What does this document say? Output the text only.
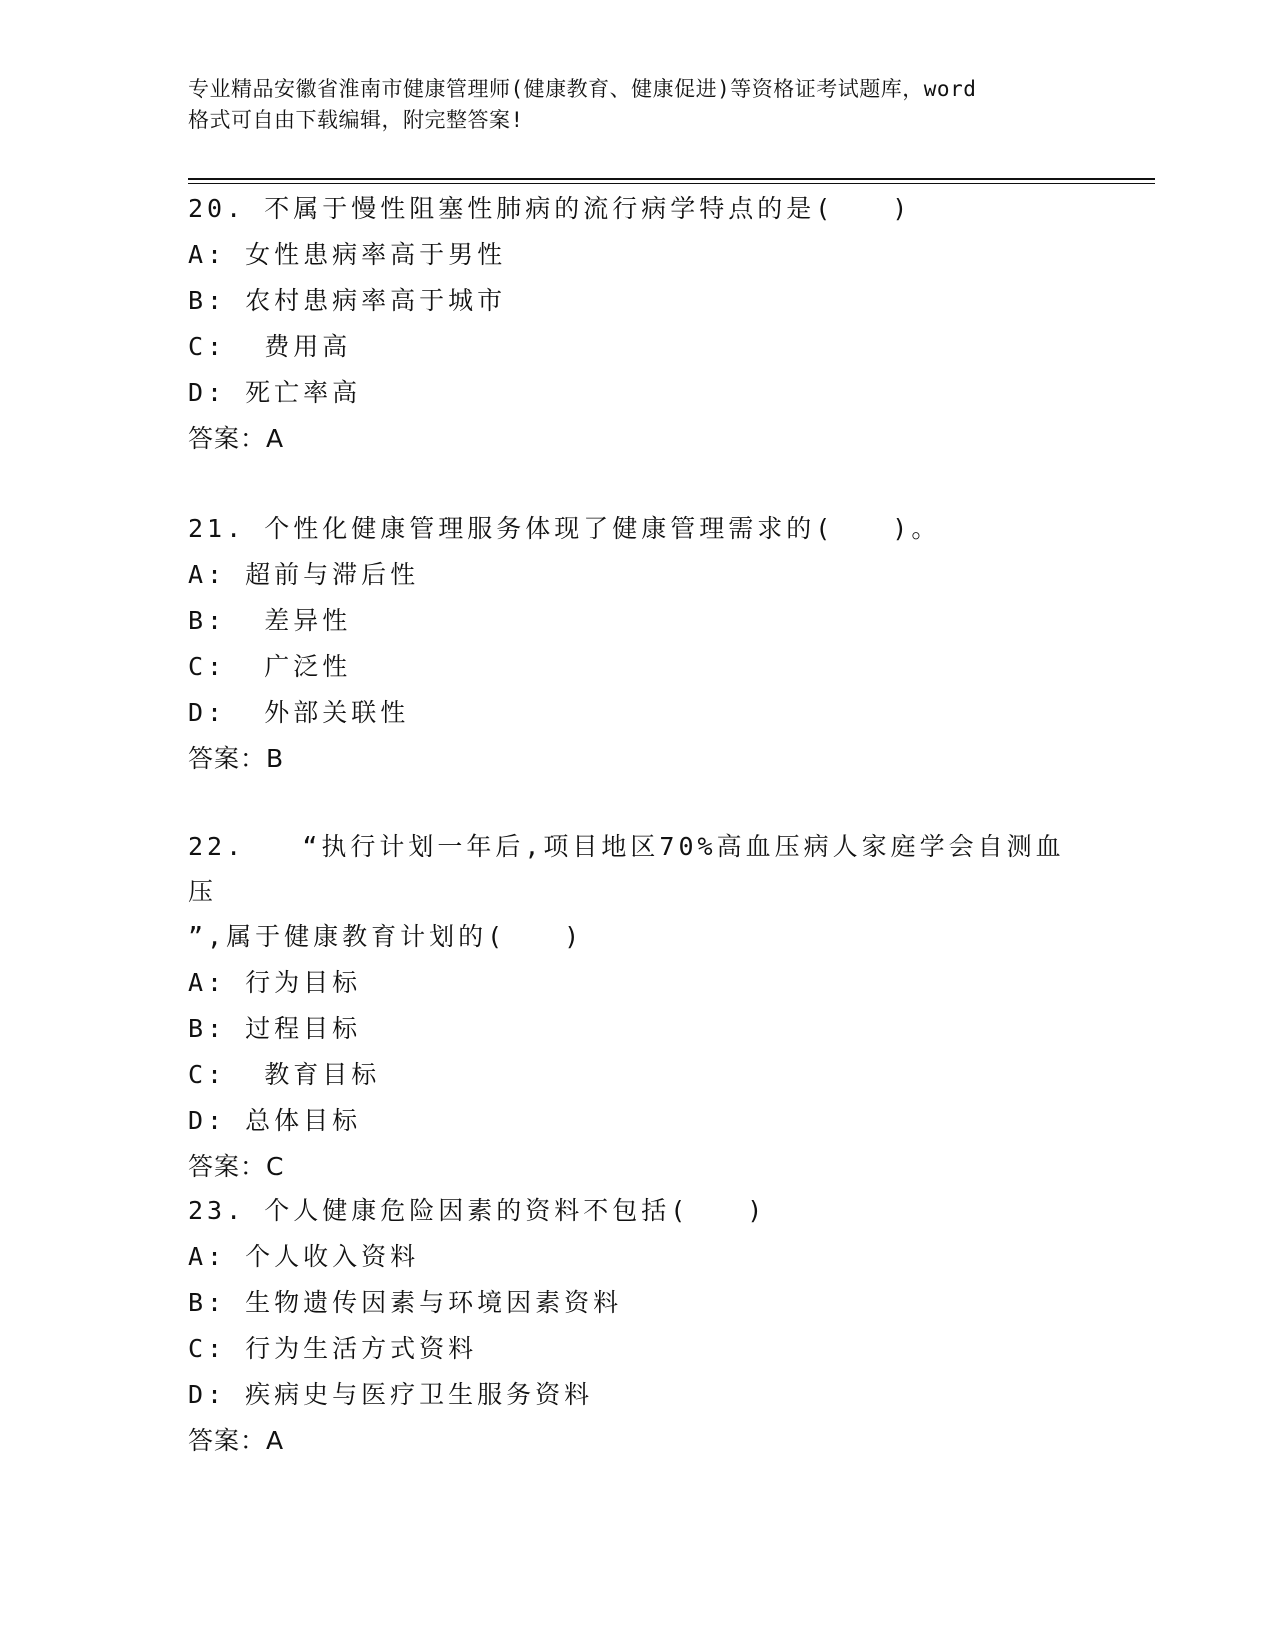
专业精品安徽省淮南市健康管理师(健康教育、健康促进)等资格证考试题库，word
格式可自由下载编辑，附完整答案!
20. 不属于慢性阻塞性肺病的流行病学特点的是(　　)
A: 女性患病率高于男性
B: 农村患病率高于城市
C:  费用高
D: 死亡率高
答案：A
21. 个性化健康管理服务体现了健康管理需求的(　　)。
A: 超前与滞后性
B:  差异性
C:  广泛性
D:  外部关联性
答案：B
22.   “执行计划一年后,项目地区70%高血压病人家庭学会自测血压
”,属于健康教育计划的(　　)
A: 行为目标
B: 过程目标
C:  教育目标
D: 总体目标
答案：C
23. 个人健康危险因素的资料不包括(　　)
A: 个人收入资料
B: 生物遗传因素与环境因素资料
C: 行为生活方式资料
D: 疾病史与医疗卫生服务资料
答案：A
